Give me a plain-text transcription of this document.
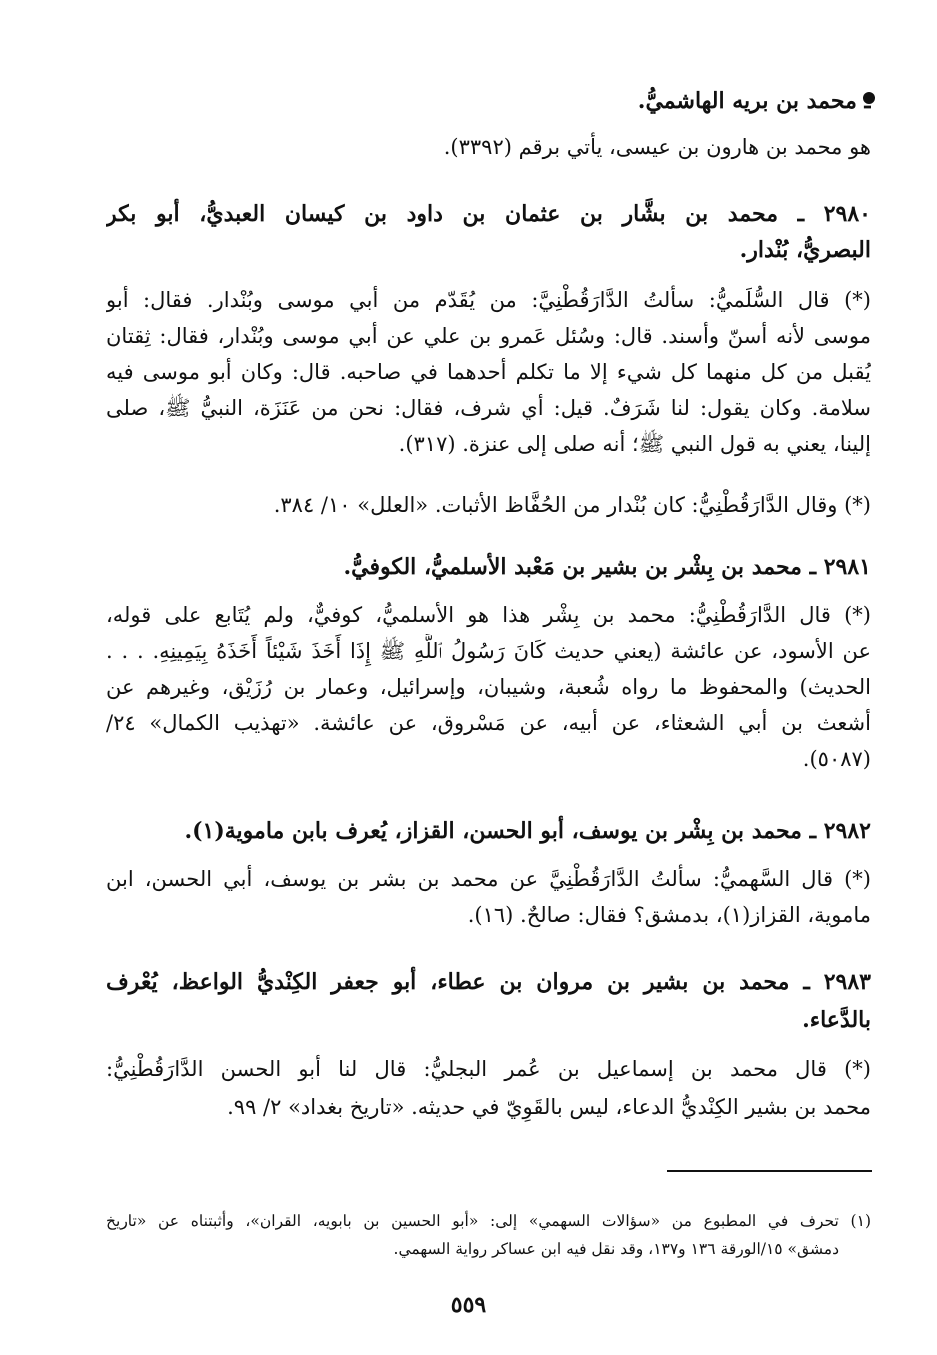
ـ محمد بن بريه الهاشميُّ.
هو محمد بن هارون بن عيسى، يأتي برقم (٣٣٩٢).
٢٩٨٠ ـ محمد بن بشَّار بن عثمان بن داود بن كيسان العبديُّ، أبو بكر
البصريُّ، بُنْدار.
(*) قال السُّلَميُّ: سألتُ الدَّارَقُطْنِيَّ: من يُقَدّم من أبي موسى وبُنْدار. فقال: أبو
موسى لأنه أسنّ وأسند. قال: وسُئل عَمرو بن علي عن أبي موسى وبُنْدار، فقال: ثِقتان
يُقبل من كل منهما كل شيء إلا ما تكلم أحدهما في صاحبه. قال: وكان أبو موسى فيه
سلامة. وكان يقول: لنا شَرَفٌ. قيل: أي شرف، فقال: نحن من عَنَزَة، النبيُّ ﷺ، صلى
إلينا، يعني به قول النبي ﷺ؛ أنه صلى إلى عنزة. (٣١٧).
(*) وقال الدَّارَقُطْنِيُّ: كان بُنْدار من الحُفَّاظ الأثبات. «العلل» ١٠/ ٣٨٤.
٢٩٨١ ـ محمد بن بِشْر بن بشير بن مَعْبد الأسلميُّ، الكوفيُّ.
(*) قال الدَّارَقُطْنِيُّ: محمد بن بِشْر هذا هو الأسلميُّ، كوفيٌّ، ولم يُتَابع على قوله،
عن الأسود، عن عائشة (يعني حديث كَانَ رَسُولُ ٱللَّهِ ﷺ إِذَا أَخَذَ شَيْئاً أَخَذَهُ بِيَمِينِهِ. . . .
الحديث) والمحفوظ ما رواه شُعبة، وشيبان، وإسرائيل، وعمار بن رُزَيْق، وغيرهم عن
أشعث بن أبي الشعثاء، عن أبيه، عن مَسْروق، عن عائشة. «تهذيب الكمال» ٢٤/
(٥٠٨٧).
٢٩٨٢ ـ محمد بن بِشْر بن يوسف، أبو الحسن، القزاز، يُعرف بابن ماموية(١).
(*) قال السَّهميُّ: سألتُ الدَّارَقُطْنِيَّ عن محمد بن بشر بن يوسف، أبي الحسن، ابن
ماموية، القزاز(١)، بدمشق؟ فقال: صالحٌ. (١٦).
٢٩٨٣ ـ محمد بن بشير بن مروان بن عطاء، أبو جعفر الكِنْديُّ الواعظ، يُعْرف
بالدَّعاء.
(*) قال محمد بن إسماعيل بن عُمر البجليُّ: قال لنا أبو الحسن الدَّارَقُطْنِيُّ:
محمد بن بشير الكِنْديُّ الدعاء، ليس بالقَوِيّ في حديثه. «تاريخ بغداد» ٢/ ٩٩.
(١) تحرف في المطبوع من «سؤالات السهمي» إلى: «أبو الحسين بن بابويه، القران»، وأثبتناه عن «تاريخ
دمشق» ١٥/الورقة ١٣٦ و١٣٧، وقد نقل فيه ابن عساكر رواية السهمي.
٥٥٩
